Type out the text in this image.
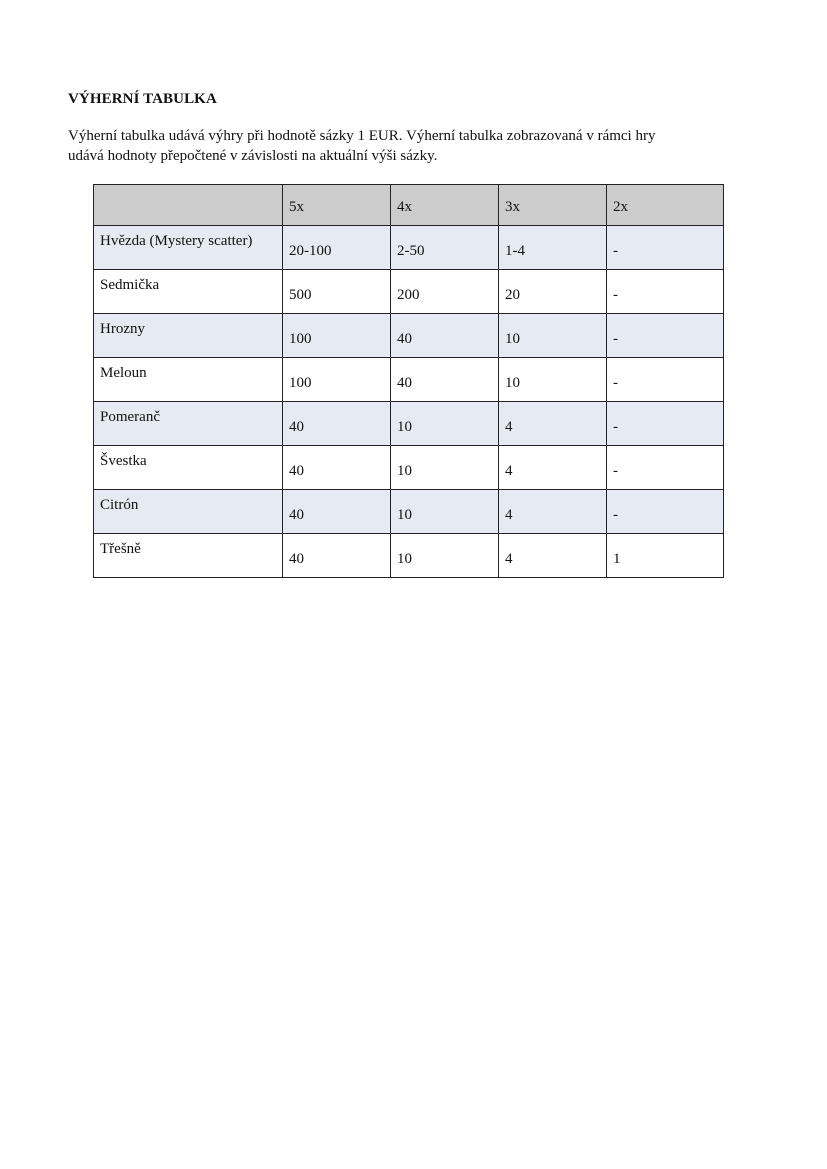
VÝHERNÍ TABULKA

Výherní tabulka udává výhry při hodnotě sázky 1 EUR. Výherní tabulka zobrazovaná v rámci hry
udává hodnoty přepočtené v závislosti na aktuální výši sázky.

	5x	4x	3x	2x
Hvězda (Mystery scatter)	20-100	2-50	1-4	-
Sedmička	500	200	20	-
Hrozny	100	40	10	-
Meloun	100	40	10	-
Pomeranč	40	10	4	-
Švestka	40	10	4	-
Citrón	40	10	4	-
Třešně	40	10	4	1
